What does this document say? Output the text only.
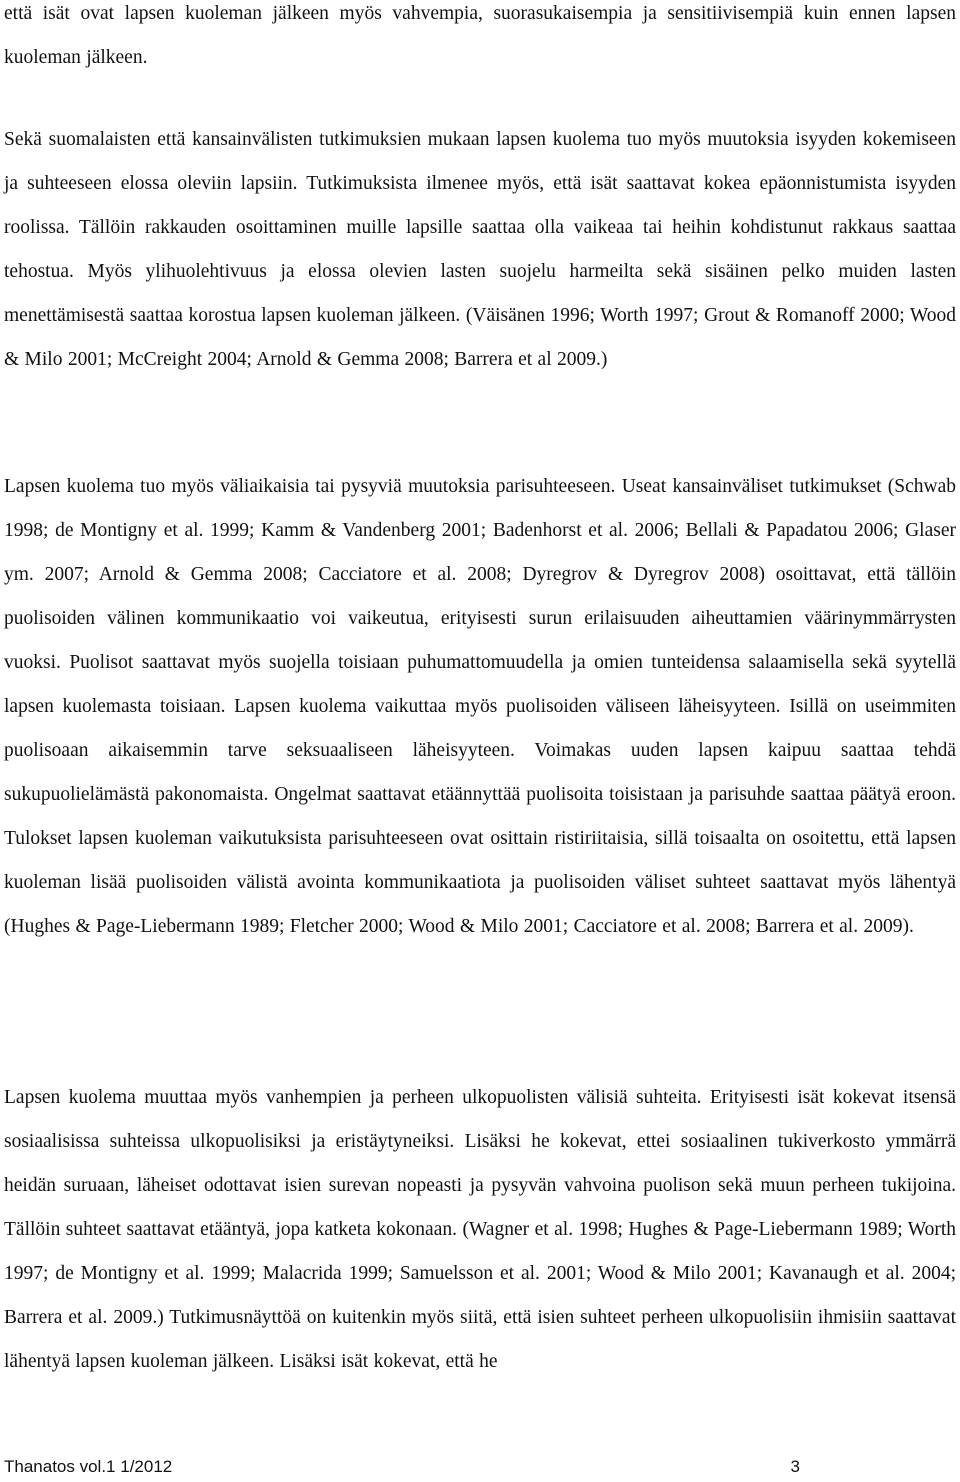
että isät ovat lapsen kuoleman jälkeen myös vahvempia, suorasukaisempia ja sensitiivisempiä kuin ennen lapsen kuoleman jälkeen.

Sekä suomalaisten että kansainvälisten tutkimuksien mukaan lapsen kuolema tuo myös muutoksia isyyden kokemiseen ja suhteeseen elossa oleviin lapsiin. Tutkimuksista ilmenee myös, että isät saattavat kokea epäonnistumista isyyden roolissa. Tällöin rakkauden osoittaminen muille lapsille saattaa olla vaikeaa tai heihin kohdistunut rakkaus saattaa tehostua. Myös ylihuolehtivuus ja elossa olevien lasten suojelu harmeilta sekä sisäinen pelko muiden lasten menettämisestä saattaa korostua lapsen kuoleman jälkeen. (Väisänen 1996; Worth 1997; Grout & Romanoff 2000; Wood & Milo 2001; McCreight 2004; Arnold & Gemma 2008; Barrera et al 2009.)

Lapsen kuolema tuo myös väliaikaisia tai pysyviä muutoksia parisuhteeseen. Useat kansainväliset tutkimukset (Schwab 1998; de Montigny et al. 1999; Kamm & Vandenberg 2001; Badenhorst et al. 2006; Bellali & Papadatou 2006; Glaser ym. 2007; Arnold & Gemma 2008; Cacciatore et al. 2008; Dyregrov & Dyregrov 2008) osoittavat, että tällöin puolisoiden välinen kommunikaatio voi vaikeutua, erityisesti surun erilaisuuden aiheuttamien väärinymmärrysten vuoksi. Puolisot saattavat myös suojella toisiaan puhumattomuudella ja omien tunteidensa salaamisella sekä syytellä lapsen kuolemasta toisiaan. Lapsen kuolema vaikuttaa myös puolisoiden väliseen läheisyyteen. Isillä on useimmiten puolisoaan aikaisemmin tarve seksuaaliseen läheisyyteen. Voimakas uuden lapsen kaipuu saattaa tehdä sukupuolielämästä pakonomaista. Ongelmat saattavat etäännyttää puolisoita toisistaan ja parisuhde saattaa päätyä eroon. Tulokset lapsen kuoleman vaikutuksista parisuhteeseen ovat osittain ristiriitaisia, sillä toisaalta on osoitettu, että lapsen kuoleman lisää puolisoiden välistä avointa kommunikaatiota ja puolisoiden väliset suhteet saattavat myös lähentyä (Hughes & Page-Liebermann 1989; Fletcher 2000; Wood & Milo 2001; Cacciatore et al. 2008; Barrera et al. 2009).

Lapsen kuolema muuttaa myös vanhempien ja perheen ulkopuolisten välisiä suhteita. Erityisesti isät kokevat itsensä sosiaalisissa suhteissa ulkopuolisiksi ja eristäytyneiksi. Lisäksi he kokevat, ettei sosiaalinen tukiverkosto ymmärrä heidän suruaan, läheiset odottavat isien surevan nopeasti ja pysyvän vahvoina puolison sekä muun perheen tukijoina. Tällöin suhteet saattavat etääntyä, jopa katketa kokonaan. (Wagner et al. 1998; Hughes & Page-Liebermann 1989; Worth 1997; de Montigny et al. 1999; Malacrida 1999; Samuelsson et al. 2001; Wood & Milo 2001; Kavanaugh et al. 2004; Barrera et al. 2009.) Tutkimusnäyttöä on kuitenkin myös siitä, että isien suhteet perheen ulkopuolisiin ihmisiin saattavat lähentyä lapsen kuoleman jälkeen. Lisäksi isät kokevat, että he

Thanatos vol.1 1/2012	3
